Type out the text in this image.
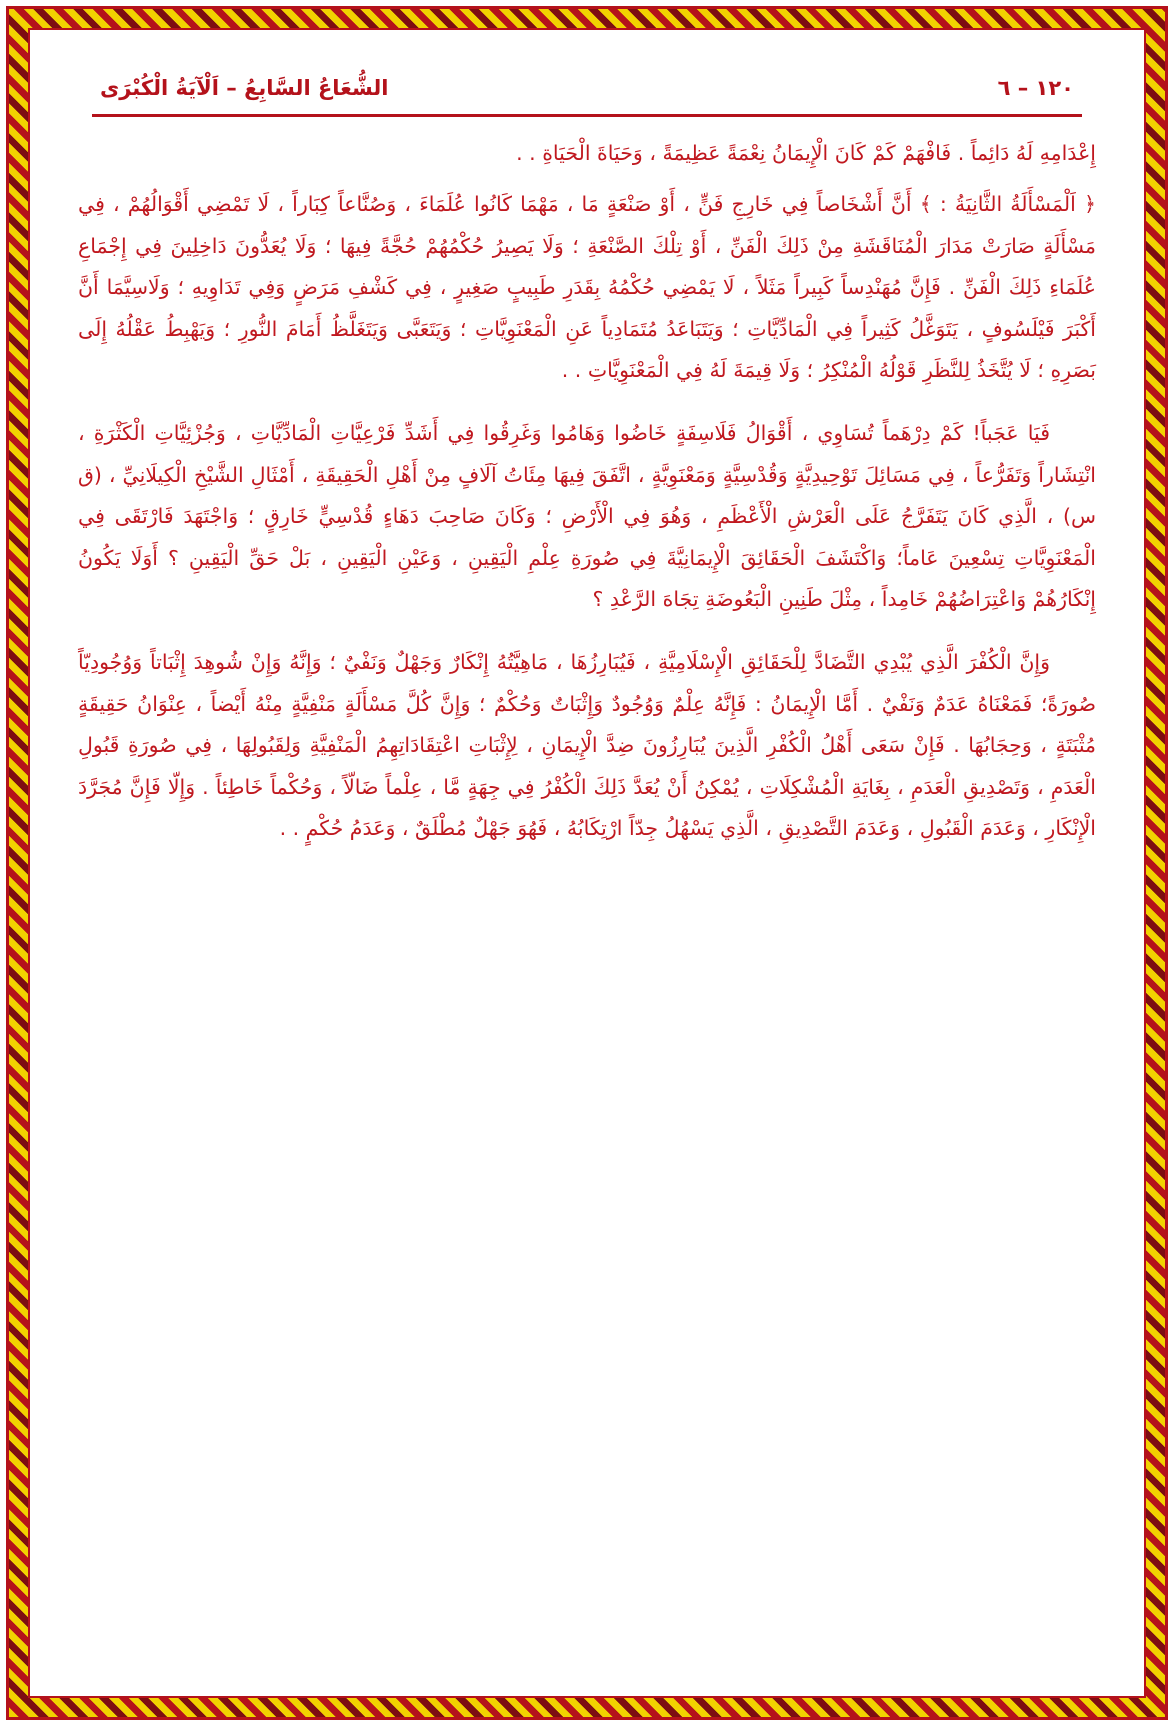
الشُّعَاعُ السَّابِعُ – اَلْآيَةُ الْكُبْرَى	١٢٠ – ٦

إِعْدَامِهِ لَهُ دَائِماً . فَافْهَمْ كَمْ كَانَ الْإِيمَانُ نِعْمَةً عَظِيمَةً ، وَحَيَاةَ الْحَيَاةِ . .

﴿ اَلْمَسْأَلَةُ الثَّانِيَةُ : ﴾ أَنَّ أَشْخَاصاً فِي خَارِجِ فَنٍّ ، أَوْ صَنْعَةٍ مَا ، مَهْمَا كَانُوا عُلَمَاءَ ، وَصُنَّاعاً كِبَاراً ، لَا تَمْضِي أَقْوَالُهُمْ ، فِي مَسْأَلَةٍ صَارَتْ مَدَارَ الْمُنَاقَشَةِ مِنْ ذَلِكَ الْفَنِّ ، أَوْ تِلْكَ الصَّنْعَةِ ؛ وَلَا يَصِيرُ حُكْمُهُمْ حُجَّةً فِيهَا ؛ وَلَا يُعَدُّونَ دَاخِلِينَ فِي إِجْمَاعِ عُلَمَاءِ ذَلِكَ الْفَنِّ . فَإِنَّ مُهَنْدِساً كَبِيراً مَثَلاً ، لَا يَمْضِي حُكْمُهُ بِقَدَرِ طَبِيبٍ صَغِيرٍ ، فِي كَشْفِ مَرَضٍ وَفِي تَدَاوِيهِ ؛ وَلَاسِيَّمَا أَنَّ أَكْبَرَ فَيْلَسُوفٍ ، يَتَوَغَّلُ كَثِيراً فِي الْمَادِّيَّاتِ ؛ وَيَتَبَاعَدُ مُتَمَادِياً عَنِ الْمَعْنَوِيَّاتِ ؛ وَيَتَعَبَّى وَيَتَغَلَّظُ أَمَامَ النُّورِ ؛ وَيَهْبِطُ عَقْلُهُ إِلَى بَصَرِهِ ؛ لَا يُتَّخَذُ لِلنَّظَرِ قَوْلُهُ الْمُنْكِرُ ؛ وَلَا قِيمَةَ لَهُ فِي الْمَعْنَوِيَّاتِ . .

فَيَا عَجَباً! كَمْ دِرْهَماً تُسَاوِي ، أَقْوَالُ فَلَاسِفَةٍ خَاضُوا وَهَامُوا وَغَرِقُوا فِي أَشَدِّ فَرْعِيَّاتِ الْمَادِّيَّاتِ ، وَجُزْئِيَّاتِ الْكَثْرَةِ ، انْتِشَاراً وَتَفَرُّعاً ، فِي مَسَائِلَ تَوْحِيدِيَّةٍ وَقُدْسِيَّةٍ وَمَعْنَوِيَّةٍ ، اتَّفَقَ فِيهَا مِئَاتُ آلَافٍ مِنْ أَهْلِ الْحَقِيقَةِ ، أَمْثَالِ الشَّيْخِ الْكِيلَانِيِّ ، (ق س) ، الَّذِي كَانَ يَتَفَرَّجُ عَلَى الْعَرْشِ الْأَعْظَمِ ، وَهُوَ فِي الْأَرْضِ ؛ وَكَانَ صَاحِبَ دَهَاءٍ قُدْسِيٍّ خَارِقٍ ؛ وَاجْتَهَدَ فَارْتَقَى فِي الْمَعْنَوِيَّاتِ تِسْعِينَ عَاماً؛ وَاكْتَشَفَ الْحَقَائِقَ الْإِيمَانِيَّةَ فِي صُورَةِ عِلْمِ الْيَقِينِ ، وَعَيْنِ الْيَقِينِ ، بَلْ حَقِّ الْيَقِينِ ؟ أَوَلَا يَكُونُ إِنْكَارُهُمْ وَاعْتِرَاضُهُمْ خَامِداً ، مِثْلَ طَنِينِ الْبَعُوضَةِ تِجَاهَ الرَّعْدِ ؟

وَإِنَّ الْكُفْرَ الَّذِي يُبْدِي التَّضَادَّ لِلْحَقَائِقِ الْإِسْلَامِيَّةِ ، فَيُبَارِزُهَا ، مَاهِيَّتُهُ إِنْكَارٌ وَجَهْلٌ وَنَفْيٌ ؛ وَإِنَّهُ وَإِنْ شُوهِدَ إِثْبَاتاً وَوُجُودِيّاً صُورَةً؛ فَمَعْنَاهُ عَدَمٌ وَنَفْيٌ . أَمَّا الْإِيمَانُ : فَإِنَّهُ عِلْمٌ وَوُجُودٌ وَإِثْبَاتٌ وَحُكْمٌ ؛ وَإِنَّ كُلَّ مَسْأَلَةٍ مَنْفِيَّةٍ مِنْهُ أَيْضاً ، عِنْوَانُ حَقِيقَةٍ مُثْبَتَةٍ ، وَحِجَابُهَا . فَإِنْ سَعَى أَهْلُ الْكُفْرِ الَّذِينَ يُبَارِزُونَ ضِدَّ الْإِيمَانِ ، لِإِثْبَاتِ اعْتِقَادَاتِهِمُ الْمَنْفِيَّةِ وَلِقَبُولِهَا ، فِي صُورَةِ قَبُولِ الْعَدَمِ ، وَتَصْدِيقِ الْعَدَمِ ، بِغَايَةِ الْمُشْكِلَاتِ ، يُمْكِنُ أَنْ يُعَدَّ ذَلِكَ الْكُفْرُ فِي جِهَةٍ مَّا ، عِلْماً ضَالّاً ، وَحُكْماً خَاطِئاً . وَإِلّا فَإِنَّ مُجَرَّدَ الْإِنْكَارِ ، وَعَدَمَ الْقَبُولِ ، وَعَدَمَ التَّصْدِيقِ ، الَّذِي يَسْهُلُ جِدّاً ارْتِكَابُهُ ، فَهُوَ جَهْلٌ مُطْلَقٌ ، وَعَدَمُ حُكْمٍ . .
